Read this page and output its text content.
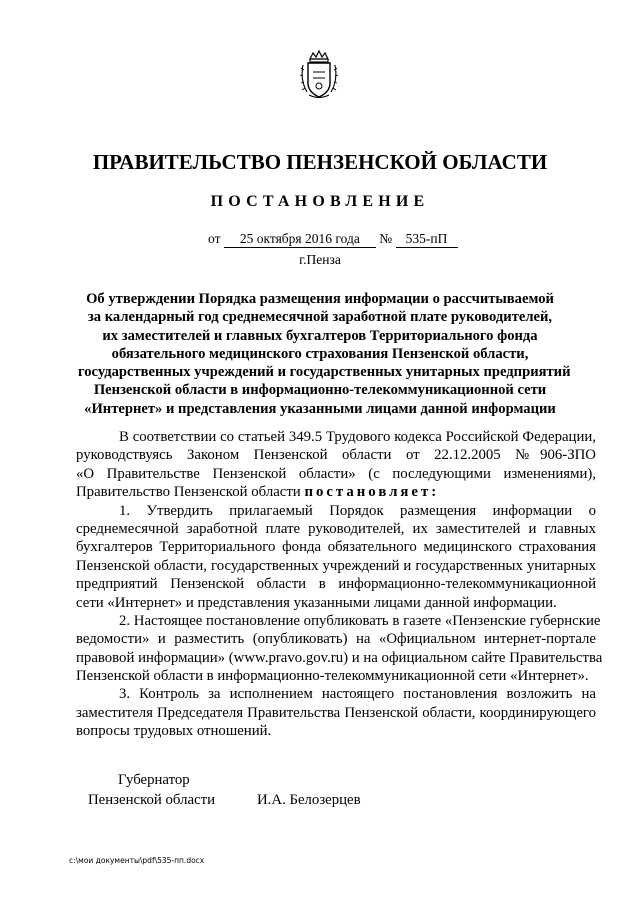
ПРАВИТЕЛЬСТВО ПЕНЗЕНСКОЙ ОБЛАСТИ
ПОСТАНОВЛЕНИЕ
от 25 октября 2016 года № 535-пП
г.Пенза
Об утверждении Порядка размещения информации о рассчитываемой
за календарный год среднемесячной заработной плате руководителей,
их заместителей и главных бухгалтеров Территориального фонда
обязательного медицинского страхования Пензенской области,
государственных учреждений и государственных унитарных предприятий
Пензенской области в информационно-телекоммуникационной сети
«Интернет» и представления указанными лицами данной информации
В соответствии со статьей 349.5 Трудового кодекса Российской Федерации,
руководствуясь Законом Пензенской области от 22.12.2005 №906-ЗПО
«О Правительстве Пензенской области» (с последующими изменениями),
Правительство Пензенской области постановляет:
1. Утвердить прилагаемый Порядок размещения информации о
среднемесячной заработной плате руководителей, их заместителей и главных
бухгалтеров Территориального фонда обязательного медицинского страхования
Пензенской области, государственных учреждений и государственных унитарных
предприятий Пензенской области в информационно-телекоммуникационной
сети «Интернет» и представления указанными лицами данной информации.
2. Настоящее постановление опубликовать в газете «Пензенские губернские
ведомости» и разместить (опубликовать) на «Официальном интернет-портале
правовой информации» (www.pravo.gov.ru) и на официальном сайте Правительства
Пензенской области в информационно-телекоммуникационной сети «Интернет».
3. Контроль за исполнением настоящего постановления возложить на
заместителя Председателя Правительства Пензенской области, координирующего
вопросы трудовых отношений.
Губернатор
Пензенской области	И.А. Белозерцев
c:\мои документы\pdf\535-пп.docx
